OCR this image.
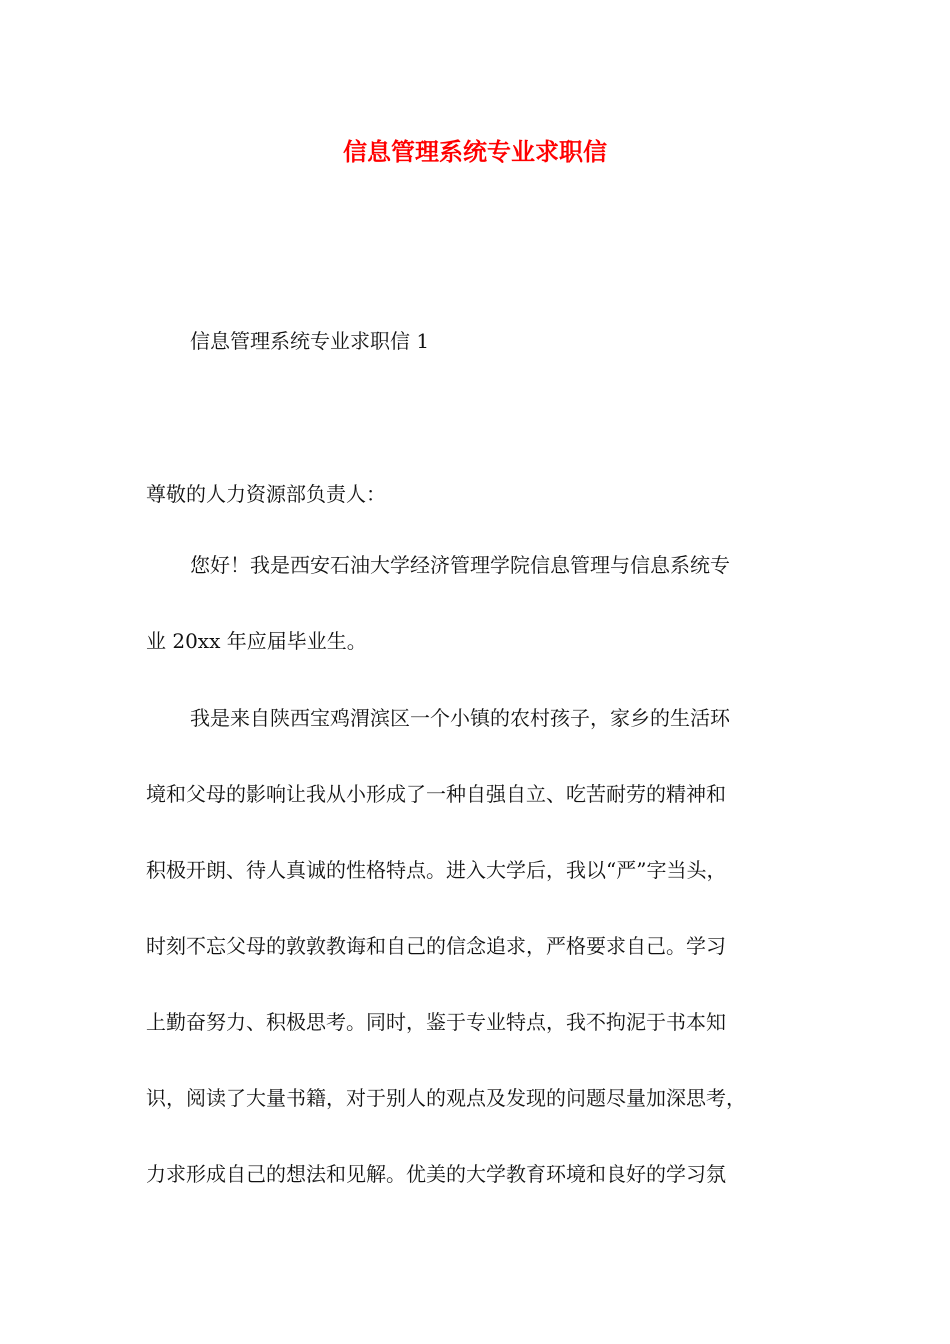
信息管理系统专业求职信

信息管理系统专业求职信 1

尊敬的人力资源部负责人：

您好！我是西安石油大学经济管理学院信息管理与信息系统专
业 20xx 年应届毕业生。
我是来自陕西宝鸡渭滨区一个小镇的农村孩子，家乡的生活环
境和父母的影响让我从小形成了一种自强自立、吃苦耐劳的精神和
积极开朗、待人真诚的性格特点。进入大学后，我以“严”字当头，
时刻不忘父母的敦敦教诲和自己的信念追求，严格要求自己。学习
上勤奋努力、积极思考。同时，鉴于专业特点，我不拘泥于书本知
识，阅读了大量书籍，对于别人的观点及发现的问题尽量加深思考，
力求形成自己的想法和见解。优美的大学教育环境和良好的学习氛
